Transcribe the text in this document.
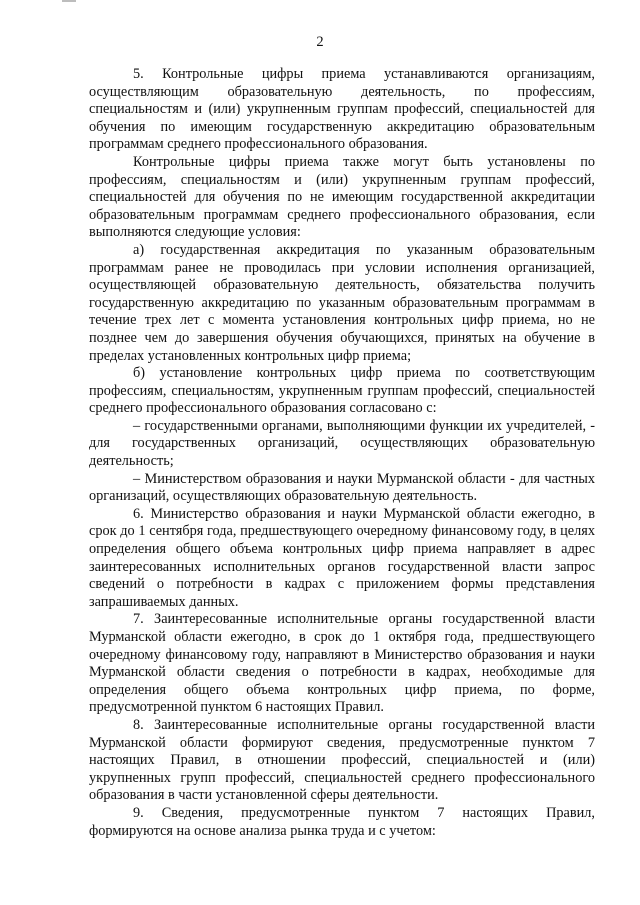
2

5. Контрольные цифры приема устанавливаются организациям, осуществляющим образовательную деятельность, по профессиям, специальностям и (или) укрупненным группам профессий, специальностей для обучения по имеющим государственную аккредитацию образовательным программам среднего профессионального образования.

Контрольные цифры приема также могут быть установлены по профессиям, специальностям и (или) укрупненным группам профессий, специальностей для обучения по не имеющим государственной аккредитации образовательным программам среднего профессионального образования, если выполняются следующие условия:

а) государственная аккредитация по указанным образовательным программам ранее не проводилась при условии исполнения организацией, осуществляющей образовательную деятельность, обязательства получить государственную аккредитацию по указанным образовательным программам в течение трех лет с момента установления контрольных цифр приема, но не позднее чем до завершения обучения обучающихся, принятых на обучение в пределах установленных контрольных цифр приема;

б) установление контрольных цифр приема по соответствующим профессиям, специальностям, укрупненным группам профессий, специальностей среднего профессионального образования согласовано с:

– государственными органами, выполняющими функции их учредителей, - для государственных организаций, осуществляющих образовательную деятельность;

– Министерством образования и науки Мурманской области - для частных организаций, осуществляющих образовательную деятельность.

6. Министерство образования и науки Мурманской области ежегодно, в срок до 1 сентября года, предшествующего очередному финансовому году, в целях определения общего объема контрольных цифр приема направляет в адрес заинтересованных исполнительных органов государственной власти запрос сведений о потребности в кадрах с приложением формы представления запрашиваемых данных.

7. Заинтересованные исполнительные органы государственной власти Мурманской области ежегодно, в срок до 1 октября года, предшествующего очередному финансовому году, направляют в Министерство образования и науки Мурманской области сведения о потребности в кадрах, необходимые для определения общего объема контрольных цифр приема, по форме, предусмотренной пунктом 6 настоящих Правил.

8. Заинтересованные исполнительные органы государственной власти Мурманской области формируют сведения, предусмотренные пунктом 7 настоящих Правил, в отношении профессий, специальностей и (или) укрупненных групп профессий, специальностей среднего профессионального образования в части установленной сферы деятельности.

9. Сведения, предусмотренные пунктом 7 настоящих Правил, формируются на основе анализа рынка труда и с учетом:
